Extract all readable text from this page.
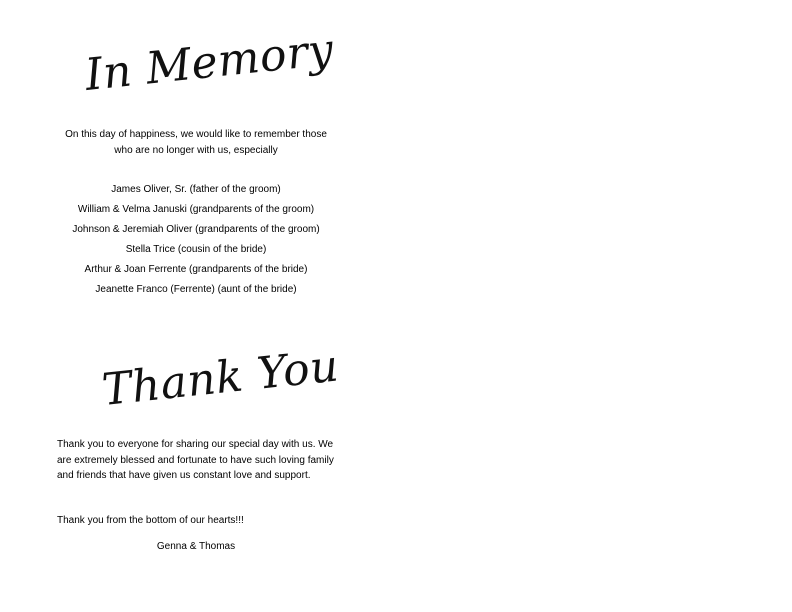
In Memory

On this day of happiness, we would like to remember those who are no longer with us, especially

James Oliver, Sr. (father of the groom)
William & Velma Januski (grandparents of the groom)
Johnson & Jeremiah Oliver (grandparents of the groom)
Stella Trice (cousin of the bride)
Arthur & Joan Ferrente (grandparents of the bride)
Jeanette Franco (Ferrente) (aunt of the bride)
Thank You

Thank you to everyone for sharing our special day with us. We are extremely blessed and fortunate to have such loving family and friends that have given us constant love and support.

Thank you from the bottom of our hearts!!!

Genna & Thomas
